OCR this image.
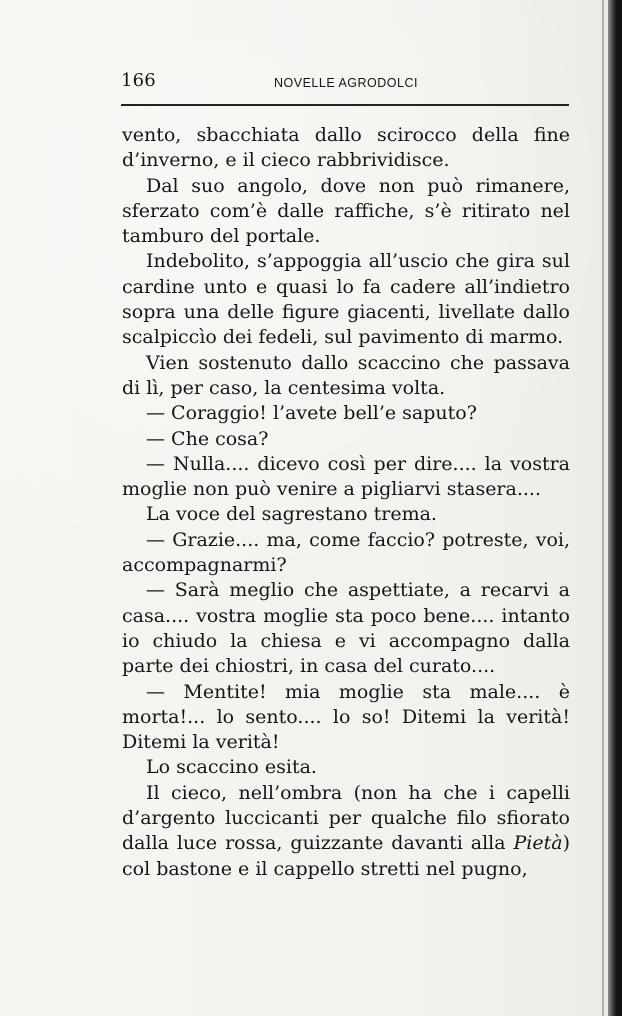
166	NOVELLE AGRODOLCI

vento, sbacchiata dallo scirocco della fine d’inverno, e il cieco rabbrividisce.

Dal suo angolo, dove non può rimanere, sferzato com’è dalle raffiche, s’è ritirato nel tamburo del portale.

Indebolito, s’appoggia all’uscio che gira sul cardine unto e quasi lo fa cadere all’indietro sopra una delle figure giacenti, livellate dallo scalpiccìo dei fedeli, sul pavimento di marmo.

Vien sostenuto dallo scaccino che passava di lì, per caso, la centesima volta.

— Coraggio! l’avete bell’e saputo?

— Che cosa?

— Nulla.... dicevo così per dire.... la vostra moglie non può venire a pigliarvi stasera....

La voce del sagrestano trema.

— Grazie.... ma, come faccio? potreste, voi, accompagnarmi?

— Sarà meglio che aspettiate, a recarvi a casa.... vostra moglie sta poco bene.... intanto io chiudo la chiesa e vi accompagno dalla parte dei chiostri, in casa del curato....

— Mentite! mia moglie sta male.... è morta!... lo sento.... lo so! Ditemi la verità! Ditemi la verità!

Lo scaccino esita.

Il cieco, nell’ombra (non ha che i capelli d’argento luccicanti per qualche filo sfiorato dalla luce rossa, guizzante davanti alla Pietà) col bastone e il cappello stretti nel pugno,
